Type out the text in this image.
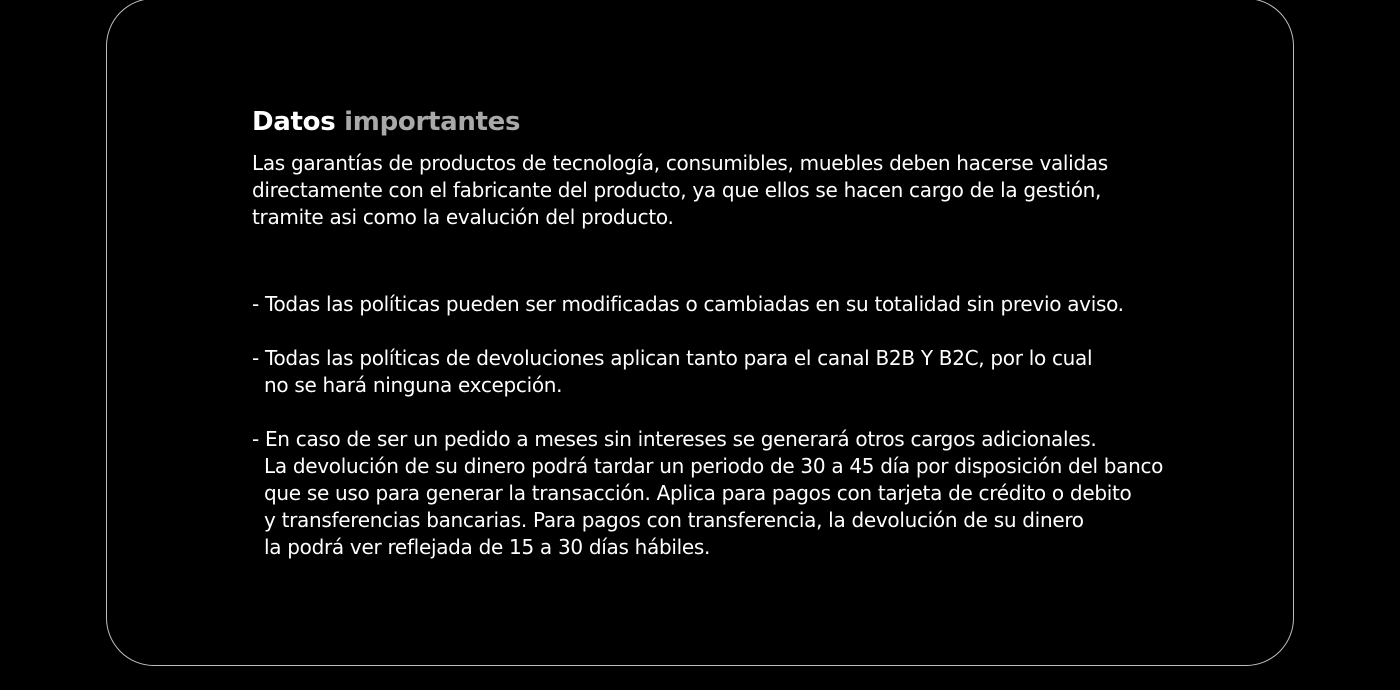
Datos importantes
Las garantías de productos de tecnología, consumibles, muebles deben hacerse validas
directamente con el fabricante del producto, ya que ellos se hacen cargo de la gestión,
tramite asi como la evalución del producto.
- Todas las políticas pueden ser modificadas o cambiadas en su totalidad sin previo aviso.
- Todas las políticas de devoluciones aplican tanto para el canal B2B Y B2C, por lo cual
no se hará ninguna excepción.
- En caso de ser un pedido a meses sin intereses se generará otros cargos adicionales.
La devolución de su dinero podrá tardar un periodo de 30 a 45 día por disposición del banco
que se uso para generar la transacción. Aplica para pagos con tarjeta de crédito o debito
y transferencias bancarias. Para pagos con transferencia, la devolución de su dinero
la podrá ver reflejada de 15 a 30 días hábiles.
